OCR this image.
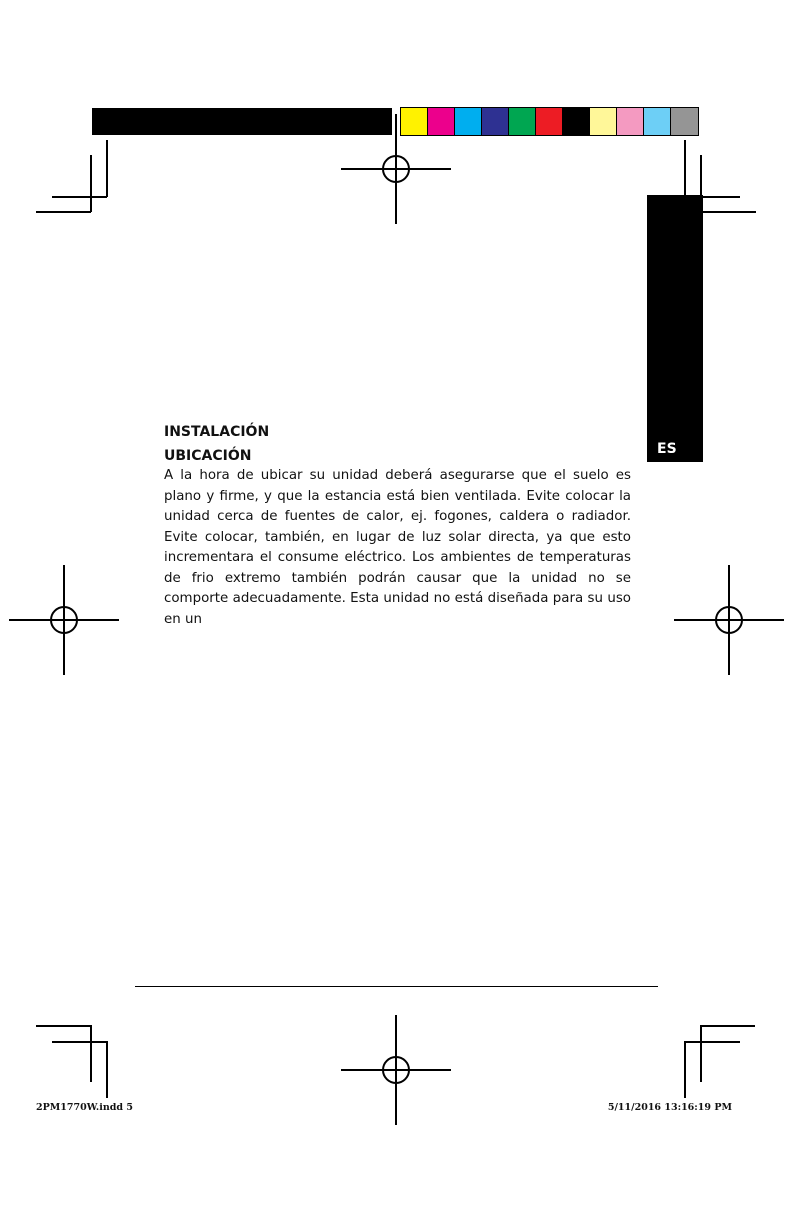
ES
INSTALACIÓN
UBICACIÓN

A la hora de ubicar su unidad deberá asegurarse que el suelo es plano y firme, y que la estancia está bien ventilada. Evite colocar la unidad cerca de fuentes de calor, ej. fogones, caldera o radiador. Evite colocar, también, en lugar de luz solar directa, ya que esto incrementara el consume eléctrico. Los ambientes de temperaturas de frio extremo también podrán causar que la unidad no se comporte adecuadamente. Esta unidad no está diseñada para su uso en un

2PM1770W.indd 5	5/11/2016 13:16:19 PM
